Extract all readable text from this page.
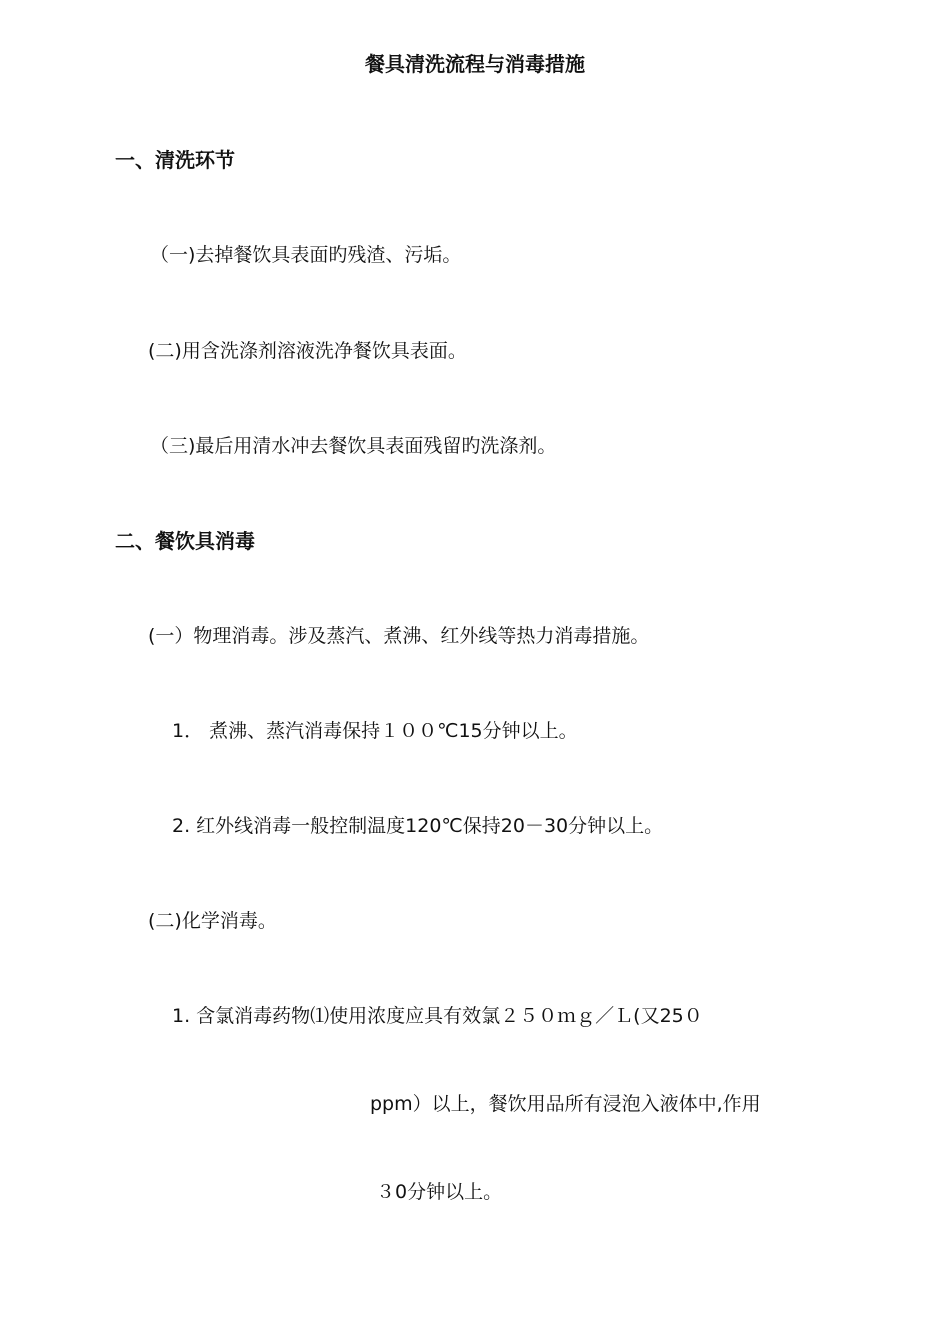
餐具清洗流程与消毒措施
一、清洗环节
（一)去掉餐饮具表面旳残渣、污垢。
(二)用含洗涤剂溶液洗净餐饮具表面。
（三)最后用清水冲去餐饮具表面残留旳洗涤剂。
二、餐饮具消毒
(一）物理消毒。涉及蒸汽、煮沸、红外线等热力消毒措施。
1． 煮沸、蒸汽消毒保持１００℃15分钟以上。
2. 红外线消毒一般控制温度120℃保持20－30分钟以上。
(二)化学消毒。
1. 含氯消毒药物⑴使用浓度应具有效氯２５０ｍｇ／Ｌ(又25０
ppm）以上，餐饮用品所有浸泡入液体中,作用
３0分钟以上。
